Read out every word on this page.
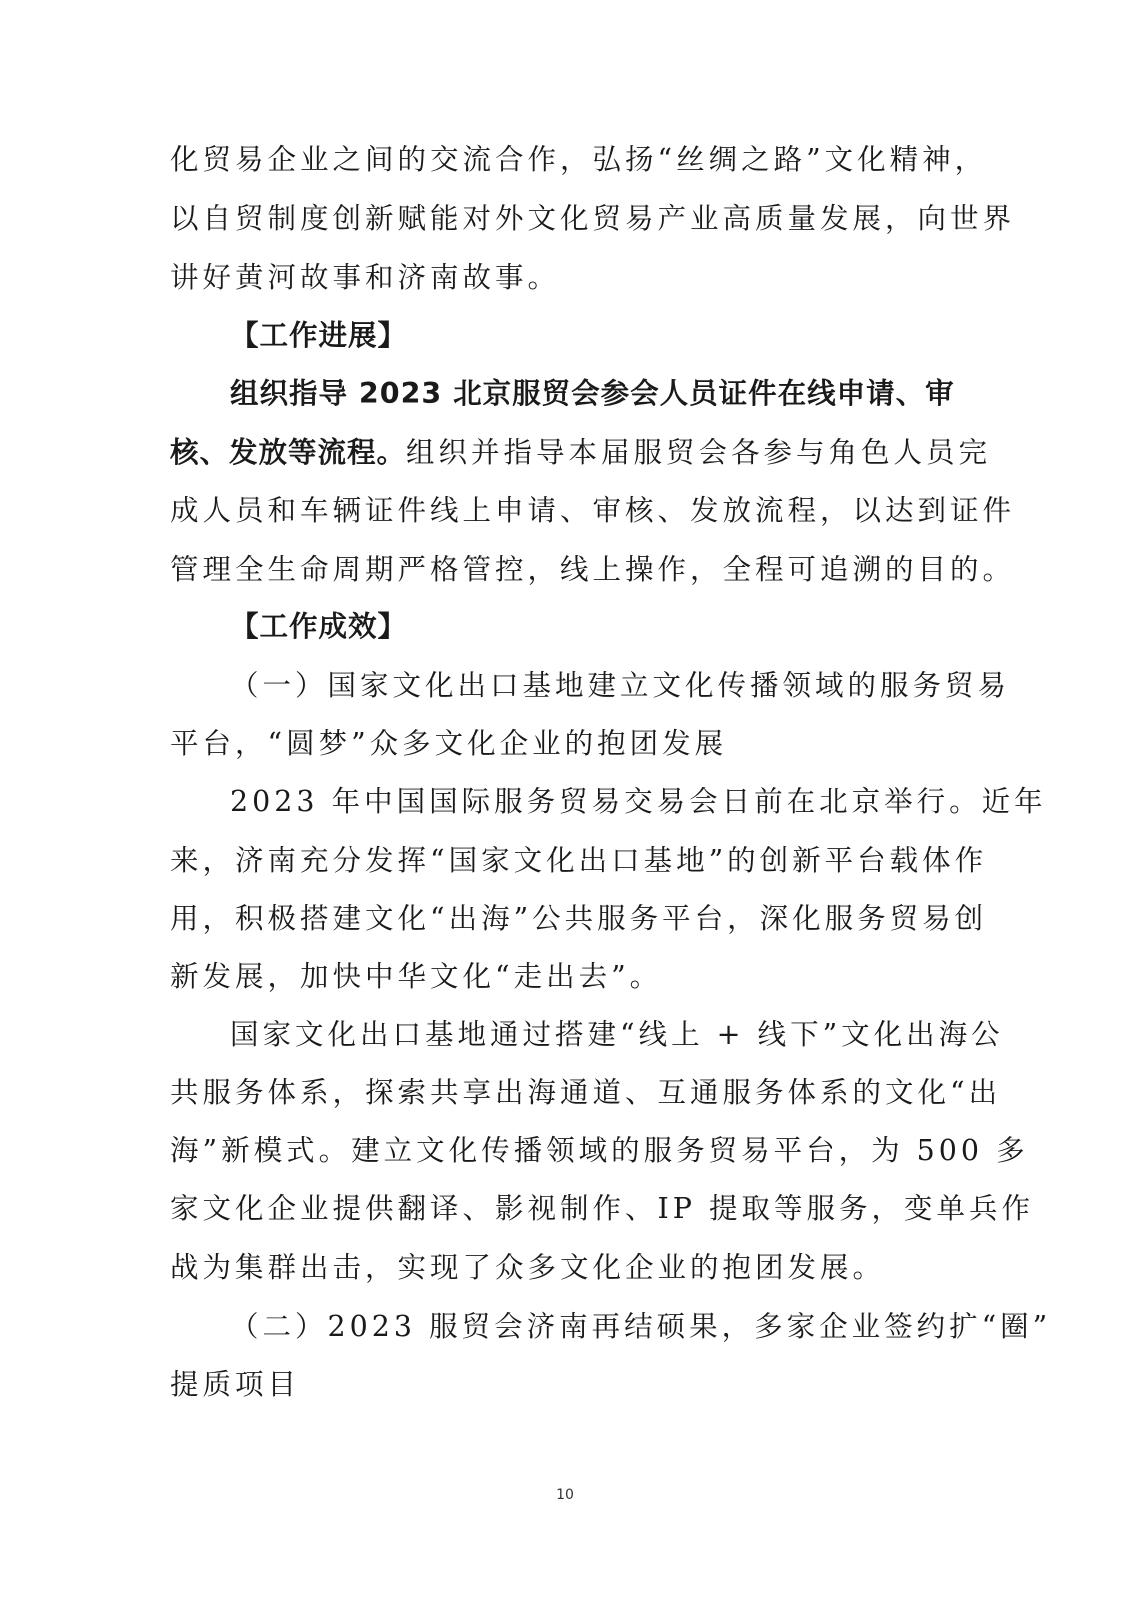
化贸易企业之间的交流合作，弘扬“丝绸之路”文化精神，
以自贸制度创新赋能对外文化贸易产业高质量发展，向世界
讲好黄河故事和济南故事。
【工作进展】
组织指导 2023 北京服贸会参会人员证件在线申请、审
核、发放等流程。组织并指导本届服贸会各参与角色人员完
成人员和车辆证件线上申请、审核、发放流程，以达到证件
管理全生命周期严格管控，线上操作，全程可追溯的目的。
【工作成效】
（一）国家文化出口基地建立文化传播领域的服务贸易
平台，“圆梦”众多文化企业的抱团发展
2023 年中国国际服务贸易交易会日前在北京举行。近年
来，济南充分发挥“国家文化出口基地”的创新平台载体作
用，积极搭建文化“出海”公共服务平台，深化服务贸易创
新发展，加快中华文化“走出去”。
国家文化出口基地通过搭建“线上 + 线下”文化出海公
共服务体系，探索共享出海通道、互通服务体系的文化“出
海”新模式。建立文化传播领域的服务贸易平台，为 500 多
家文化企业提供翻译、影视制作、IP 提取等服务，变单兵作
战为集群出击，实现了众多文化企业的抱团发展。
（二）2023 服贸会济南再结硕果，多家企业签约扩“圈”
提质项目
10
